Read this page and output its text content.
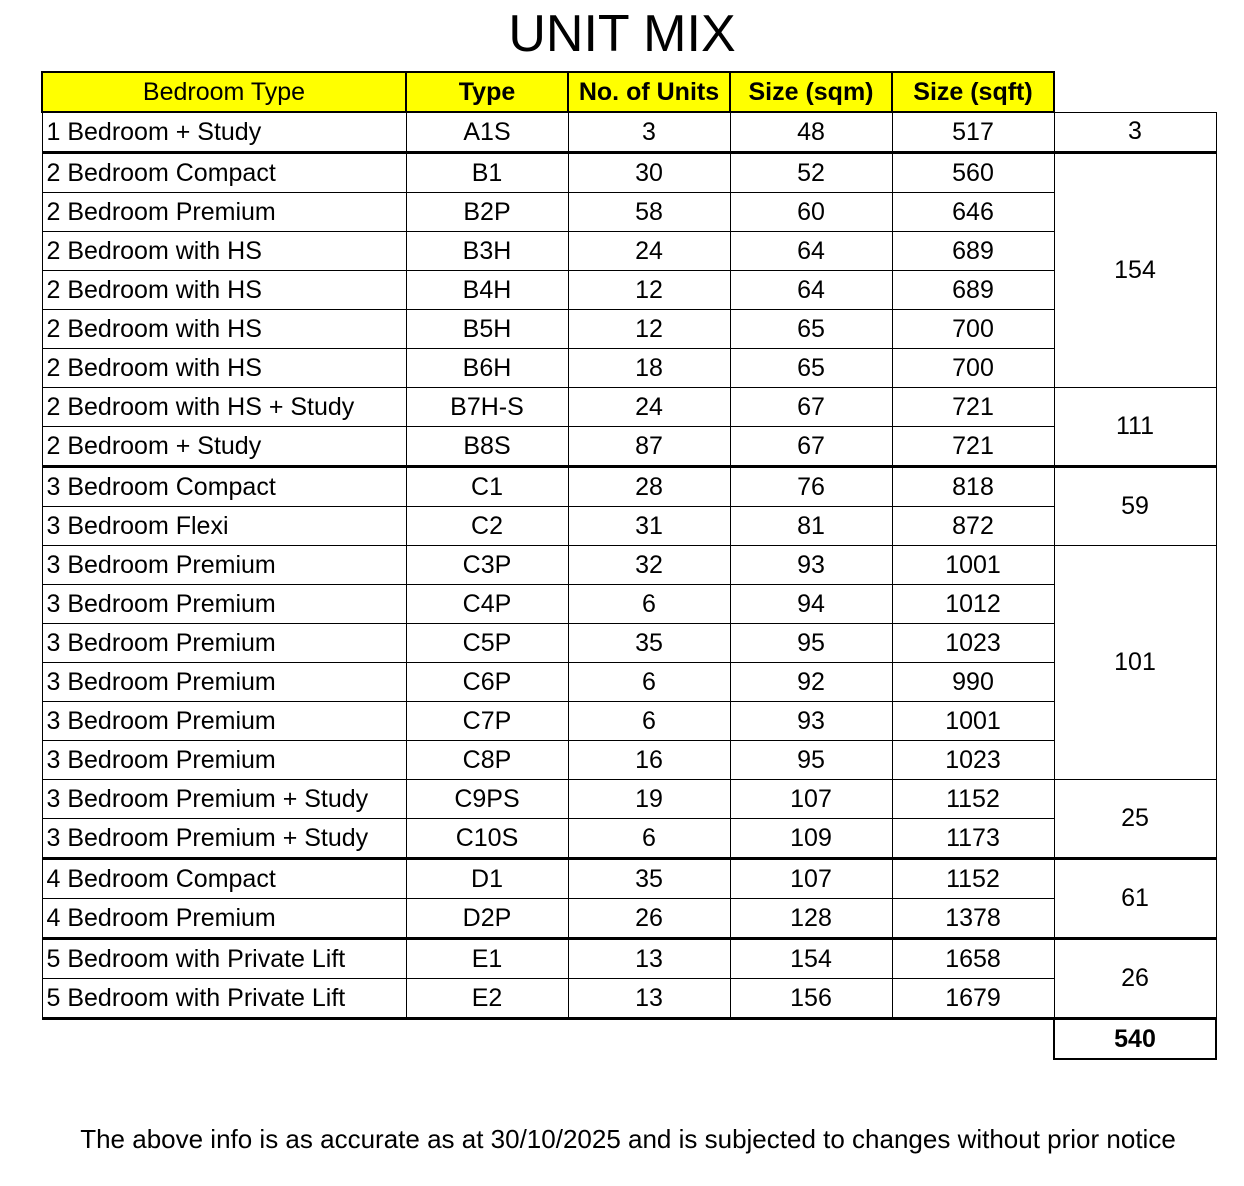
UNIT MIX
Bedroom Type	Type	No. of Units	Size (sqm)	Size (sqft)	
1 Bedroom + Study	A1S	3	48	517	3
2 Bedroom Compact	B1	30	52	560	154
2 Bedroom Premium	B2P	58	60	646	
2 Bedroom with HS	B3H	24	64	689	
2 Bedroom with HS	B4H	12	64	689	
2 Bedroom with HS	B5H	12	65	700	
2 Bedroom with HS	B6H	18	65	700	
2 Bedroom with HS + Study	B7H-S	24	67	721	111
2 Bedroom + Study	B8S	87	67	721	
3 Bedroom Compact	C1	28	76	818	59
3 Bedroom Flexi	C2	31	81	872	
3 Bedroom Premium	C3P	32	93	1001	101
3 Bedroom Premium	C4P	6	94	1012	
3 Bedroom Premium	C5P	35	95	1023	
3 Bedroom Premium	C6P	6	92	990	
3 Bedroom Premium	C7P	6	93	1001	
3 Bedroom Premium	C8P	16	95	1023	
3 Bedroom Premium + Study	C9PS	19	107	1152	25
3 Bedroom Premium + Study	C10S	6	109	1173	
4 Bedroom Compact	D1	35	107	1152	61
4 Bedroom Premium	D2P	26	128	1378	
5 Bedroom with Private Lift	E1	13	154	1658	26
5 Bedroom with Private Lift	E2	13	156	1679	
					540
The above info is as accurate as at 30/10/2025 and is subjected to changes without prior notice
